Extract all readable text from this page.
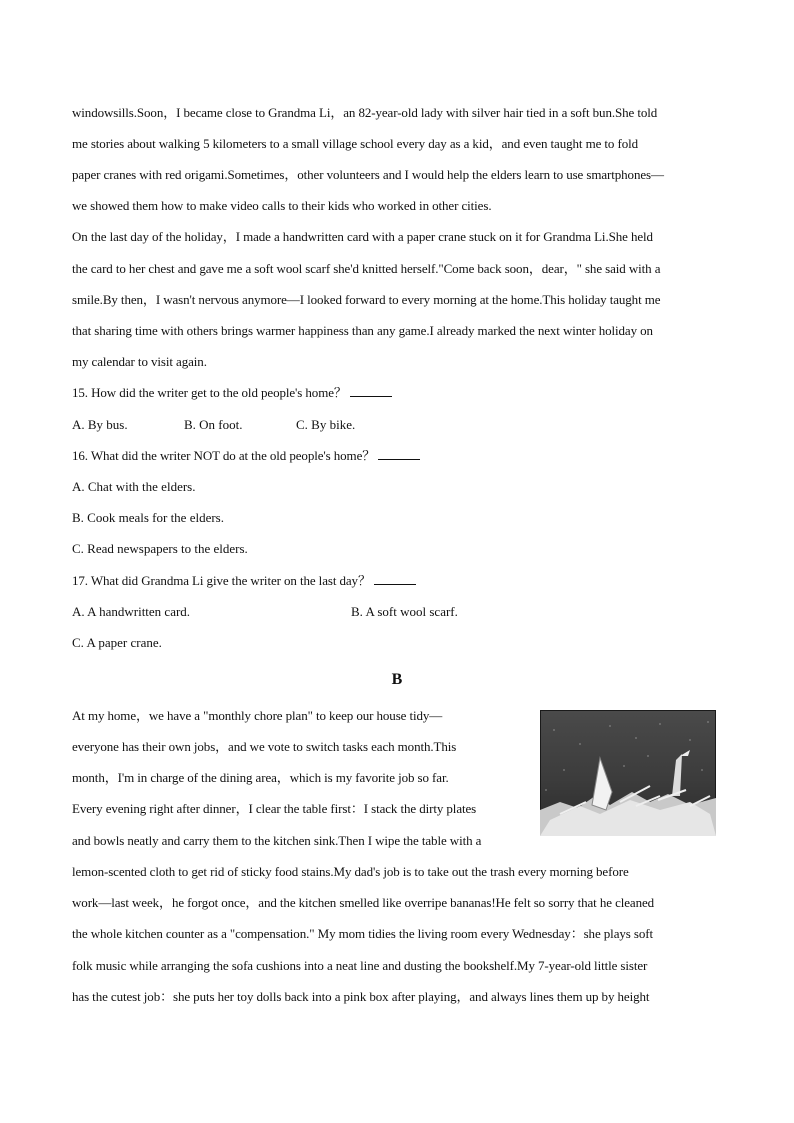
windowsills.Soon，I became close to Grandma Li，an 82-year-old lady with silver hair tied in a soft bun.She told
me stories about walking 5 kilometers to a small village school every day as a kid，and even taught me to fold
paper cranes with red origami.Sometimes，other volunteers and I would help the elders learn to use smartphones—
we showed them how to make video calls to their kids who worked in other cities.
On the last day of the holiday，I made a handwritten card with a paper crane stuck on it for Grandma Li.She held
the card to her chest and gave me a soft wool scarf she'd knitted herself."Come back soon，dear，" she said with a
smile.By then，I wasn't nervous anymore—I looked forward to every morning at the home.This holiday taught me
that sharing time with others brings warmer happiness than any game.I already marked the next winter holiday on
my calendar to visit again.
15. How did the writer get to the old people's home？
A. By bus.	B. On foot.	C. By bike.
16. What did the writer NOT do at the old people's home？
A. Chat with the elders.
B. Cook meals for the elders.
C. Read newspapers to the elders.
17. What did Grandma Li give the writer on the last day？
A. A handwritten card.	B. A soft wool scarf.
C. A paper crane.
B
At my home，we have a "monthly chore plan" to keep our house tidy—
everyone has their own jobs，and we vote to switch tasks each month.This
month，I'm in charge of the dining area，which is my favorite job so far.
Every evening right after dinner，I clear the table first：I stack the dirty plates
and bowls neatly and carry them to the kitchen sink.Then I wipe the table with a
lemon-scented cloth to get rid of sticky food stains.My dad's job is to take out the trash every morning before
work—last week，he forgot once，and the kitchen smelled like overripe bananas!He felt so sorry that he cleaned
the whole kitchen counter as a "compensation." My mom tidies the living room every Wednesday：she plays soft
folk music while arranging the sofa cushions into a neat line and dusting the bookshelf.My 7-year-old little sister
has the cutest job：she puts her toy dolls back into a pink box after playing，and always lines them up by height
